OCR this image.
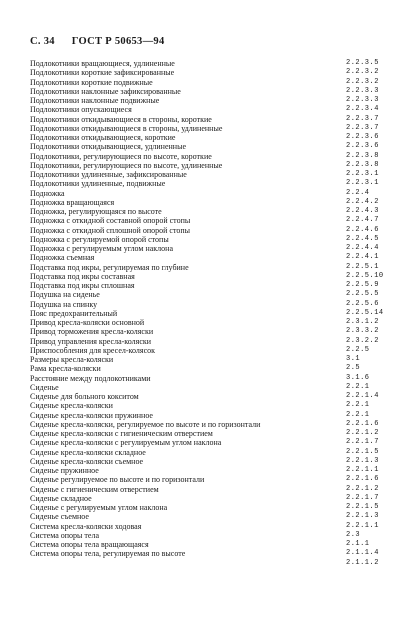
С. 34 ГОСТ Р 50653—94
Подлокотники вращающиеся, удлиненные	2.2.3.5
Подлокотники короткие зафиксированные	2.2.3.2
Подлокотники короткие подвижные	2.2.3.2
Подлокотники наклонные зафиксированные	2.2.3.3
Подлокотники наклонные подвижные	2.2.3.3
Подлокотники опускающиеся	2.2.3.4
Подлокотники откидывающиеся в стороны, короткие	2.2.3.7
Подлокотники откидывающиеся в стороны, удлиненные	2.2.3.7
Подлокотники откидывающиеся, короткие	2.2.3.6
Подлокотники откидывающиеся, удлиненные	2.2.3.6
Подлокотники, регулирующиеся по высоте, короткие	2.2.3.8
Подлокотники, регулирующиеся по высоте, удлиненные	2.2.3.8
Подлокотники удлиненные, зафиксированные	2.2.3.1
Подлокотники удлиненные, подвижные	2.2.3.1
Подножка	2.2.4
Подножка вращающаяся	2.2.4.2
Подножка, регулирующаяся по высоте	2.2.4.3
Подножка с откидной составной опорой стопы	2.2.4.7
Подножка с откидной сплошной опорой стопы	2.2.4.6
Подножка с регулируемой опорой стопы	2.2.4.5
Подножка с регулируемым углом наклона	2.2.4.4
Подножка съемная	2.2.4.1
Подставка под икры, регулируемая по глубине	2.2.5.1
Подставка под икры составная	2.2.5.10
Подставка под икры сплошная	2.2.5.9
Подушка на сиденье	2.2.5.5
Подушка на спинку	2.2.5.6
Пояс предохранительный	2.2.5.14
Привод кресла-коляски основной	2.3.1.2
Привод торможения кресла-коляски	2.3.3.2
Привод управления кресла-коляски	2.3.2.2
Приспособления для кресел-колясок	2.2.5
Размеры кресла-коляски	3.1
Рама кресла-коляски	2.5
Расстояние между подлокотниками	3.1.6
Сиденье	2.2.1
Сиденье для больного кокситом	2.2.1.4
Сиденье кресла-коляски	2.2.1
Сиденье кресла-коляски пружинное	2.2.1
Сиденье кресла-коляски, регулируемое по высоте и по горизонтали	2.2.1.6
Сиденье кресла-коляски с гигиеническим отверстием	2.2.1.2
Сиденье кресла-коляски с регулируемым углом наклона	2.2.1.7
Сиденье кресла-коляски складное	2.2.1.5
Сиденье кресла-коляски съемное	2.2.1.3
Сиденье пружинное	2.2.1.1
Сиденье регулируемое по высоте и по горизонтали	2.2.1.6
Сиденье с гигиеническим отверстием	2.2.1.2
Сиденье складное	2.2.1.7
Сиденье с регулируемым углом наклона	2.2.1.5
Сиденье съемное	2.2.1.3
Система кресла-коляски ходовая	2.2.1.1
Система опоры тела	2.3
Система опоры тела вращающаяся	2.1.1
Система опоры тела, регулируемая по высоте	2.1.1.4
2.1.1.2
